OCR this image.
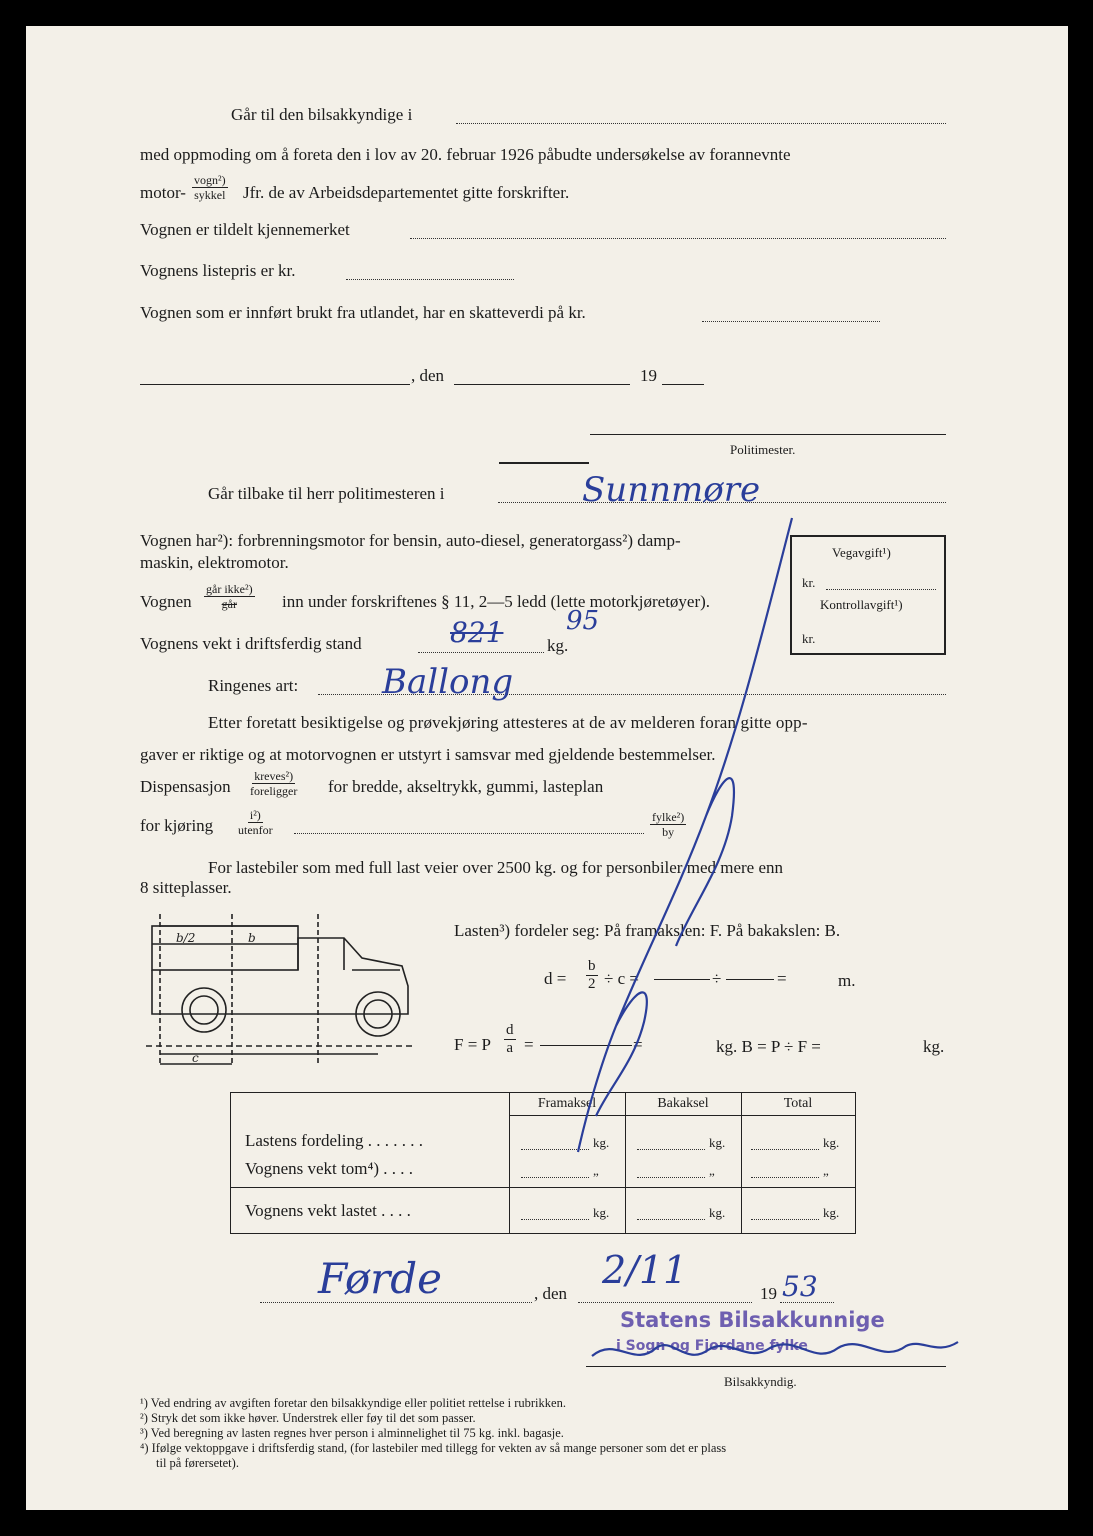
Går til den bilsakkyndige i
med oppmoding om å foreta den i lov av 20. februar 1926 påbudte undersøkelse av forannevnte
motor-
vogn²)
sykkel Jfr. de av Arbeidsdepartementet gitte forskrifter.
Vognen er tildelt kjennemerket
Vognens listepris er kr.
Vognen som er innført brukt fra utlandet, har en skatteverdi på kr.
, den	19
Politimester.
Går tilbake til herr politimesteren i	Sunnmøre
Vognen har²): forbrenningsmotor for bensin, auto-diesel, generatorgass²) damp-
maskin, elektromotor.
Vognen
går ikke²)
går	inn under forskriftenes § 11, 2—5 ledd (lette motorkjøretøyer).
Vognens vekt i driftsferdig stand	kg.
821 95
Ringenes art: Ballong
Etter foretatt besiktigelse og prøvekjøring attesteres at de av melderen foran gitte opp-
gaver er riktige og at motorvognen er utstyrt i samsvar med gjeldende bestemmelser.
Dispensasjon
kreves²)
foreligger for bredde, akseltrykk, gummi, lasteplan
for kjøring
i²)
utenfor
fylke²)
by
For lastebiler som med full last veier over 2500 kg. og for personbiler med mere enn
8 sitteplasser.
Vegavgift¹)
kr.
Kontrollavgift¹)
kr.
b/2	b
c
Lasten³) fordeler seg: På framakslen: F. På bakakslen: B.
$d = \frac{b}{2} \div c$ =	÷	=	m.
F = P $\frac{d}{a}$ =	=	kg. B = P ÷ F =	kg.
Framaksel	Bakaksel	Total
Lastens fordeling . . . . . . .	kg.	kg.	kg.
Vognens vekt tom⁴) . . . .	„	„	„
Vognens vekt lastet . . . .	kg.	kg.	kg.
Førde	, den
2/11
19 53
Statens Bilsakkunnige
i Sogn og Fjordane fylke
Bilsakkyndig.
¹) Ved endring av avgiften foretar den bilsakkyndige eller politiet rettelse i rubrikken.
²) Stryk det som ikke høver. Understrek eller føy til det som passer.
³) Ved beregning av lasten regnes hver person i alminnelighet til 75 kg. inkl. bagasje.
⁴) Ifølge vektoppgave i driftsferdig stand, (for lastebiler med tillegg for vekten av så mange personer som det er plass
til på førersetet).
